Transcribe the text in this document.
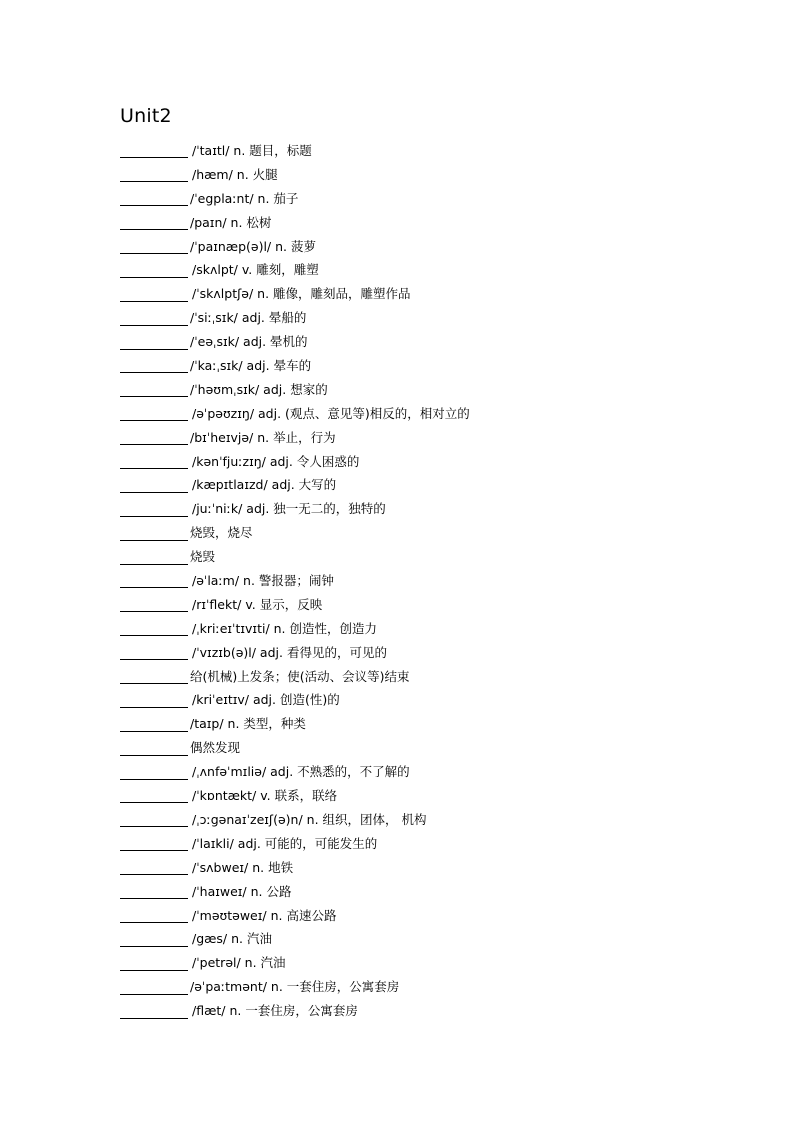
Unit2
/ˈtaɪtl/ n. 题目，标题
/hæm/ n. 火腿
/ˈegplaːnt/ n. 茄子
/paɪn/ n. 松树
/ˈpaɪnæp(ə)l/ n. 菠萝
/skʌlpt/ v. 雕刻，雕塑
/ˈskʌlptʃə/ n. 雕像，雕刻品，雕塑作品
/ˈsiːˌsɪk/ adj. 晕船的
/ˈeəˌsɪk/ adj. 晕机的
/ˈkaːˌsɪk/ adj. 晕车的
/ˈhəʊmˌsɪk/ adj. 想家的
/əˈpəʊzɪŋ/ adj. (观点、意见等)相反的，相对立的
/bɪˈheɪvjə/ n. 举止，行为
/kənˈfjuːzɪŋ/ adj. 令人困惑的
/kæpɪtlaɪzd/ adj. 大写的
/juːˈniːk/ adj. 独一无二的，独特的
烧毁，烧尽
烧毁
/əˈlaːm/ n. 警报器；闹钟
/rɪˈflekt/ v. 显示，反映
/ˌkriːeɪˈtɪvɪti/ n. 创造性，创造力
/ˈvɪzɪb(ə)l/ adj. 看得见的，可见的
给(机械)上发条；使(活动、会议等)结束
/kriˈeɪtɪv/ adj. 创造(性)的
/taɪp/ n. 类型，种类
偶然发现
/ˌʌnfəˈmɪliə/ adj. 不熟悉的，不了解的
/ˈkɒntækt/ v. 联系，联络
/ˌɔːgənaɪˈzeɪʃ(ə)n/ n. 组织，团体， 机构
/ˈlaɪkli/ adj. 可能的，可能发生的
/ˈsʌbweɪ/ n. 地铁
/ˈhaɪweɪ/ n. 公路
/ˈməʊtəweɪ/ n. 高速公路
/gæs/ n. 汽油
/ˈpetrəl/ n. 汽油
/əˈpaːtmənt/ n. 一套住房，公寓套房
/flæt/ n. 一套住房，公寓套房
